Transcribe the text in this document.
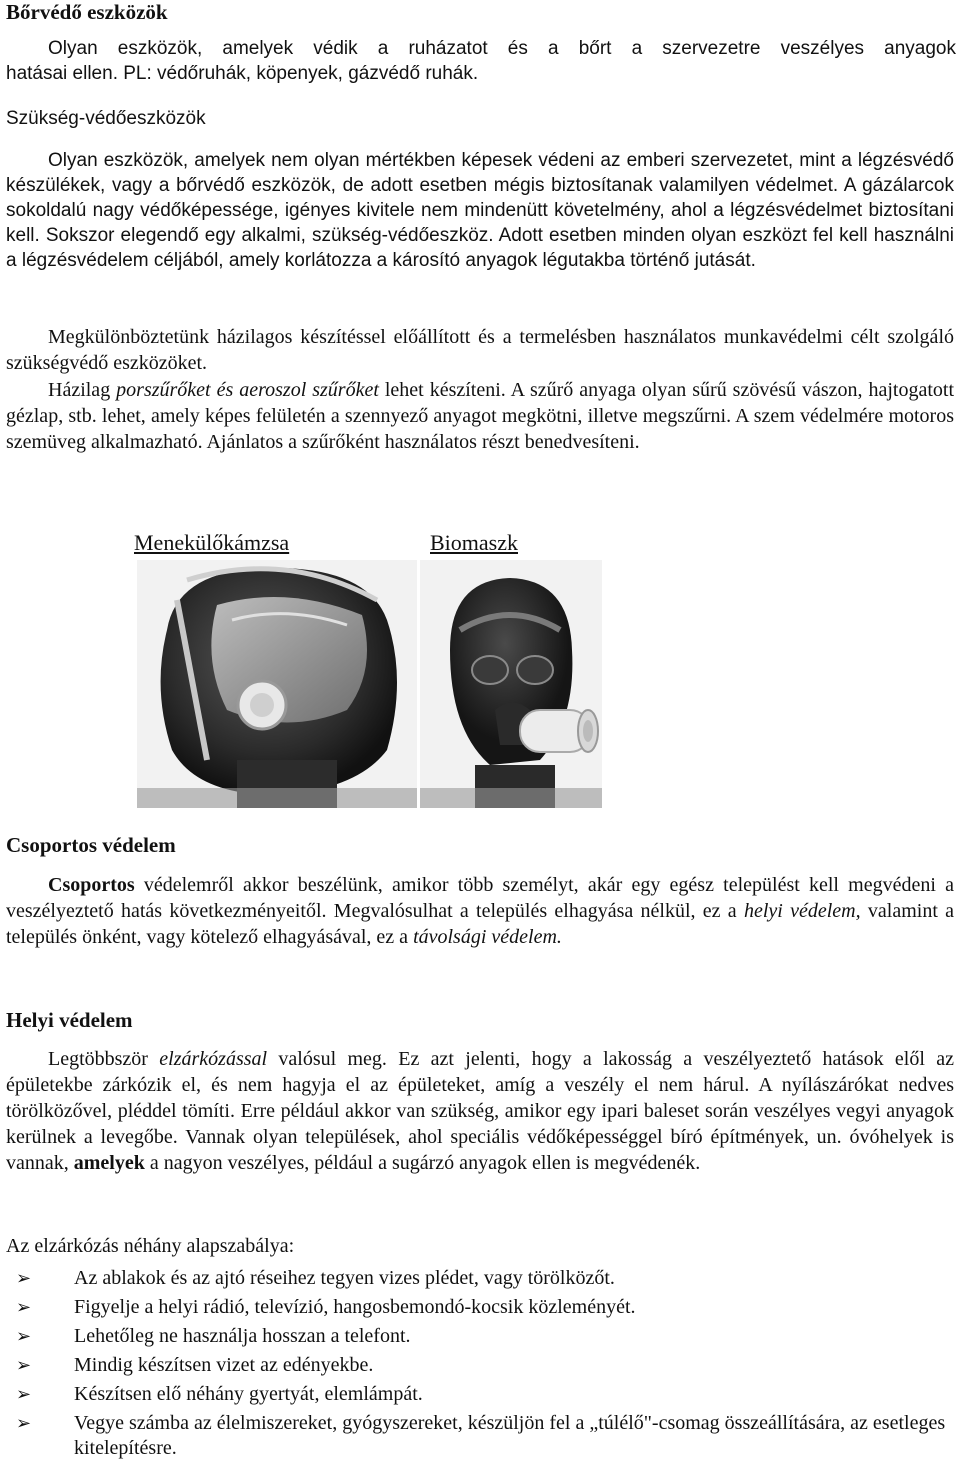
Bőrvédő eszközök
Olyan eszközök, amelyek védik a ruházatot és a bőrt a szervezetre veszélyes anyagok
hatásai ellen. PL: védőruhák, köpenyek, gázvédő ruhák.
Szükség-védőeszközök
Olyan eszközök, amelyek nem olyan mértékben képesek védeni az emberi szervezetet, mint a légzésvédő készülékek, vagy a bőrvédő eszközök, de adott esetben mégis biztosítanak valamilyen védelmet. A gázálarcok sokoldalú nagy védőképessége, igényes kivitele nem mindenütt követelmény, ahol a légzésvédelmet biztosítani kell. Sokszor elegendő egy alkalmi, szükség-védőeszköz. Adott esetben minden olyan eszközt fel kell használni a légzésvédelem céljából, amely korlátozza a károsító anyagok légutakba történő jutását.
Megkülönböztetünk házilagos készítéssel előállított és a termelésben használatos munkavédelmi célt szolgáló szükségvédő eszközöket.
Házilag porszűrőket és aeroszol szűrőket lehet készíteni. A szűrő anyaga olyan sűrű szövésű vászon, hajtogatott gézlap, stb. lehet, amely képes felületén a szennyező anyagot megkötni, illetve megszűrni. A szem védelmére motoros szemüveg alkalmazható. Ajánlatos a szűrőként használatos részt benedvesíteni.
Menekülőkámzsa	Biomaszk
Csoportos védelem
Csoportos védelemről akkor beszélünk, amikor több személyt, akár egy egész települést kell megvédeni a veszélyeztető hatás következményeitől. Megvalósulhat a település elhagyása nélkül, ez a helyi védelem, valamint a település önként, vagy kötelező elhagyásával, ez a távolsági védelem.
Helyi védelem
Legtöbbször elzárkózással valósul meg. Ez azt jelenti, hogy a lakosság a veszélyeztető hatások elől az épületekbe zárkózik el, és nem hagyja el az épületeket, amíg a veszély el nem hárul. A nyílászárókat nedves törölközővel, pléddel tömíti. Erre például akkor van szükség, amikor egy ipari baleset során veszélyes vegyi anyagok kerülnek a levegőbe. Vannak olyan települések, ahol speciális védőképességgel bíró építmények, un. óvóhelyek is vannak, amelyek a nagyon veszélyes, például a sugárzó anyagok ellen is megvédenék.
Az elzárkózás néhány alapszabálya:
➢ Az ablakok és az ajtó réseihez tegyen vizes plédet, vagy törölközőt.
➢ Figyelje a helyi rádió, televízió, hangosbemondó-kocsik közleményét.
➢ Lehetőleg ne használja hosszan a telefont.
➢ Mindig készítsen vizet az edényekbe.
➢ Készítsen elő néhány gyertyát, elemlámpát.
➢ Vegye számba az élelmiszereket, gyógyszereket, készüljön fel a „túlélő"-csomag összeállítására, az esetleges kitelepítésre.
